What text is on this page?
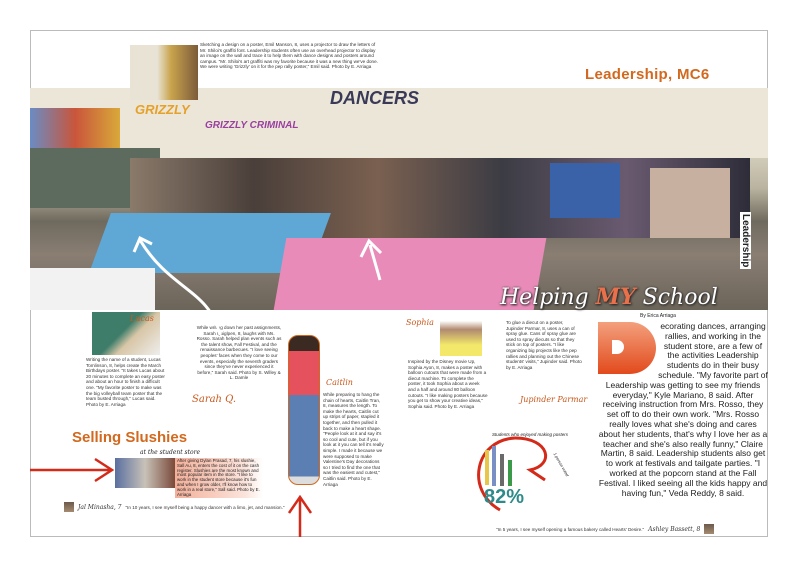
DANCERS
GRIZZLY
GRIZZLY CRIMINAL
Sketching a design on a poster, Emil Manson, 8, uses a projector to draw the letters of Mr. Shiloi's graffiti font. Leadership students often use an overhead projector to display an image on the wall and trace it to help them with dance designs and posters around campus. "Mr. Shiloi's art graffiti was my favorite because it was a new thing we've done. We were writing 'Grizzly' on it for the pep rally poster," Emil said. Photo by E. Arriaga	Leadership, MC6
Helping MY School
Leadership
Lucas
Writing the name of a student, Lucas Tomlinson, 8, helps create the March Birthdays poster. "It takes Lucas about 20 minutes to complete an easy poster and about an hour to finish a difficult one. "My favorite poster to make was the big volleyball team poster that the team busted through," Lucas said. Photo by E. Arriaga
While writing down her past assignments, Sarah Quiglpen, 8, laughs with Ms. Rosso. Sarah helped plan events such as the talent show, Fall Festival, and the renaissance barbecues. "I love seeing peoples' faces when they come to our events, especially the seventh graders since they've never experienced it before," Sarah said. Photo by S. Willey & L. Damle
Sarah Q.
Caitlin
While preparing to hang the chain of hearts, Caitlin Tran, 8, measures the length. To make the hearts, Caitlin cut up strips of paper, stapled it together, and then pulled it back to make a heart shape. "People look at it and say it's so cool and cute, but if you look at it you can tell it's really simple. I made it because we were supposed to make Valentine's Day decorations so I tried to find the one that was the easiest and cutest," Caitlin said. Photo by E. Arriaga
Sophia
Inspired by the Disney movie Up, Sophia Ayon, 8, makes a poster with balloon cutouts that were made from a diecut machine. To complete the poster, it took Sophia about a week and a half and around 80 balloon cutouts. "I like making posters because you get to show your creative ideas," Sophia said. Photo by E. Arriaga
To glue a diecut on a poster, Jupinder Parmar, 8, uses a can of spray glue. Cans of spray glue are used to spray diecuts so that they stick on top of posters. "I like organizing big projects like the pep rallies and planning out the Chinese students' visits," Jupinder said. Photo by E. Arriaga
Jupinder Parmar
By Erica Arriaga
ecorating dances, arranging rallies, and working in the student store, are a few of the activities Leadership students do in their busy schedule. "My favorite part of Leadership was getting to see my friends everyday," Kyle Mariano, 8 said. After receiving instruction from Mrs. Rosso, they set off to do their own work. "Mrs. Rosso really loves what she's doing and cares about her students, that's why I love her as a teacher and she's also really funny," Claire Martin, 8 said. Leadership students also get to work at festivals and tailgate parties. "I worked at the popcorn stand at the Fall Festival. I liked seeing all the kids happy and having fun," Veda Reddy, 8 said.
Selling Slushies
at the student store
After giving Dylan Prasad, 7, his slushie, Sall Au, 8, enters the cost of it on the cash register. Slushies are the most known and most popular item in the store. "I like to work in the student store because it's fun and when I grow older, I'll know how to work in a real store," Sall said. Photo by E. Arriaga	82%
Students who enjoyed making posters
1 person voted
Jal Minasha, 7 "In 10 years, I see myself being a happy dancer with a limo, jet, and mansion."
"In 5 years, I see myself opening a famous bakery called Hearts' Desire." Ashley Bassett, 8
